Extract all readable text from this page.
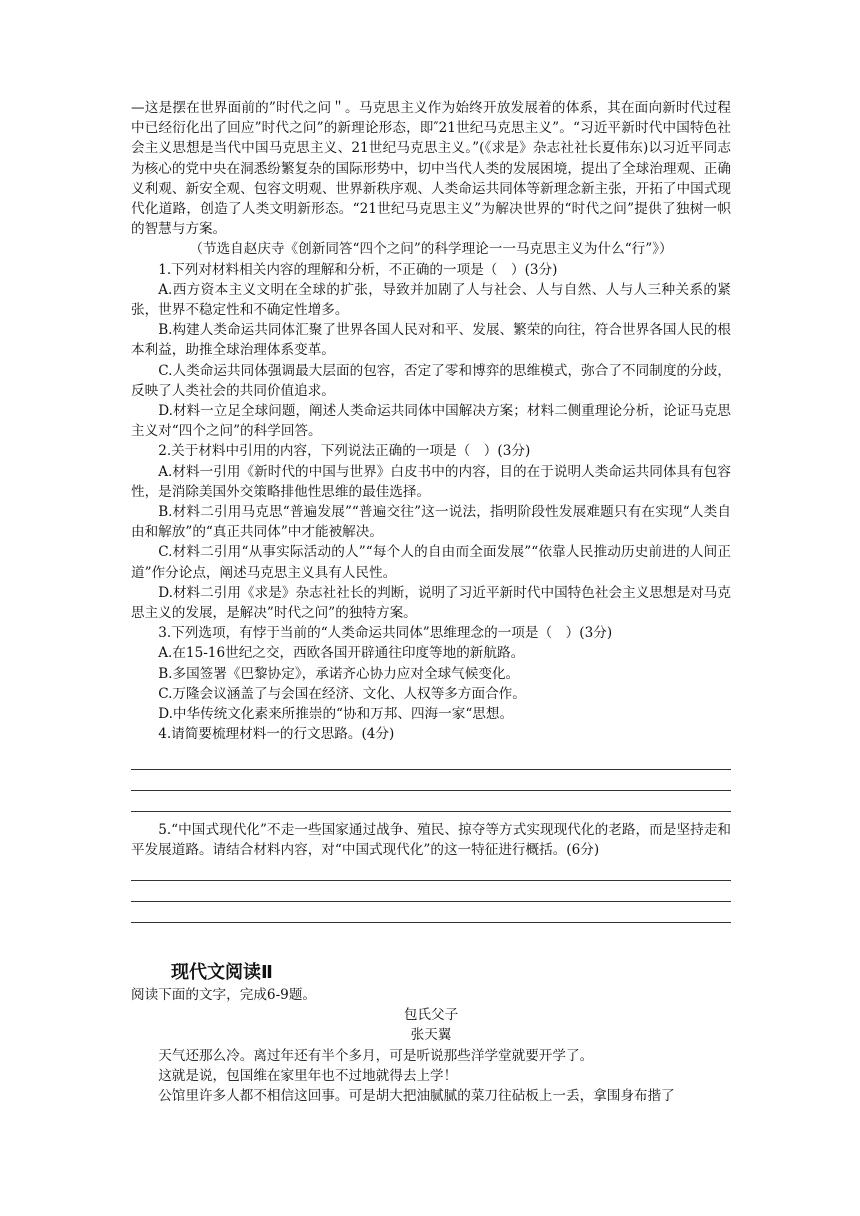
—这是摆在世界面前的”时代之问＂。马克思主义作为始终开放发展着的体系，其在面向新时代过程中已经衍化出了回应”时代之问”的新理论形态，即″21世纪马克思主义”。“习近平新时代中国特色社会主义思想是当代中国马克思主义、21世纪马克思主义。”(《求是》杂志社社长夏伟东)以习近平同志为核心的党中央在洞悉纷繁复杂的国际形势中，切中当代人类的发展困境，提出了全球治理观、正确义利观、新安全观、包容文明观、世界新秩序观、人类命运共同体等新理念新主张，开拓了中国式现代化道路，创造了人类文明新形态。“21世纪马克思主义”为解决世界的“时代之问”提供了独树一帜的智慧与方案。

（节选自赵庆寺《创新同答“四个之问”的科学理论一一马克思主义为什么“行”》）

1.下列对材料相关内容的理解和分析，不正确的一项是（　）(3分)

A.西方资本主义文明在全球的扩张，导致并加剧了人与社会、人与自然、人与人三种关系的紧张，世界不稳定性和不确定性增多。

B.构建人类命运共同体汇聚了世界各国人民对和平、发展、繁荣的向往，符合世界各国人民的根本利益，助推全球治理体系变革。

C.人类命运共同体强调最大层面的包容，否定了零和博弈的思维模式，弥合了不同制度的分歧，反映了人类社会的共同价值追求。

D.材料一立足全球问题，阐述人类命运共同体中国解决方案；材料二侧重理论分析，论证马克思主义对“四个之问”的科学回答。

2.关于材料中引用的内容，下列说法正确的一项是（　）(3分)

A.材料一引用《新时代的中国与世界》白皮书中的内容，目的在于说明人类命运共同体具有包容性，是消除美国外交策略排他性思维的最佳选择。

B.材料二引用马克思“普遍发展”“普遍交往”这一说法，指明阶段性发展难题只有在实现“人类自由和解放”的“真正共同体”中才能被解决。

C.材料二引用“从事实际活动的人”“每个人的自由而全面发展”“依靠人民推动历史前进的人间正道”作分论点，阐述马克思主义具有人民性。

D.材料二引用《求是》杂志社社长的判断，说明了习近平新时代中国特色社会主义思想是对马克思主义的发展，是解决”时代之问”的独特方案。

3.下列选项，有悖于当前的“人类命运共同体”思维理念的一项是（　）(3分)

A.在15-16世纪之交，西欧各国开辟通往印度等地的新航路。

B.多国签署《巴黎协定》，承诺齐心协力应对全球气候变化。

C.万隆会议涵盖了与会国在经济、文化、人权等多方面合作。

D.中华传统文化素来所推崇的“协和万邦、四海一家“思想。

4.请简要梳理材料一的行文思路。(4分)

5.“中国式现代化”不走一些国家通过战争、殖民、掠夺等方式实现现代化的老路，而是坚持走和平发展道路。请结合材料内容，对“中国式现代化”的这一特征进行概括。(6分)

现代文阅读Ⅱ

阅读下面的文字，完成6-9题。

包氏父子

张天翼

天气还那么冷。离过年还有半个多月，可是听说那些洋学堂就要开学了。

这就是说，包国维在家里年也不过地就得去上学！

公馆里许多人都不相信这回事。可是胡大把油腻腻的菜刀往砧板上一丢，拿围身布揩了
